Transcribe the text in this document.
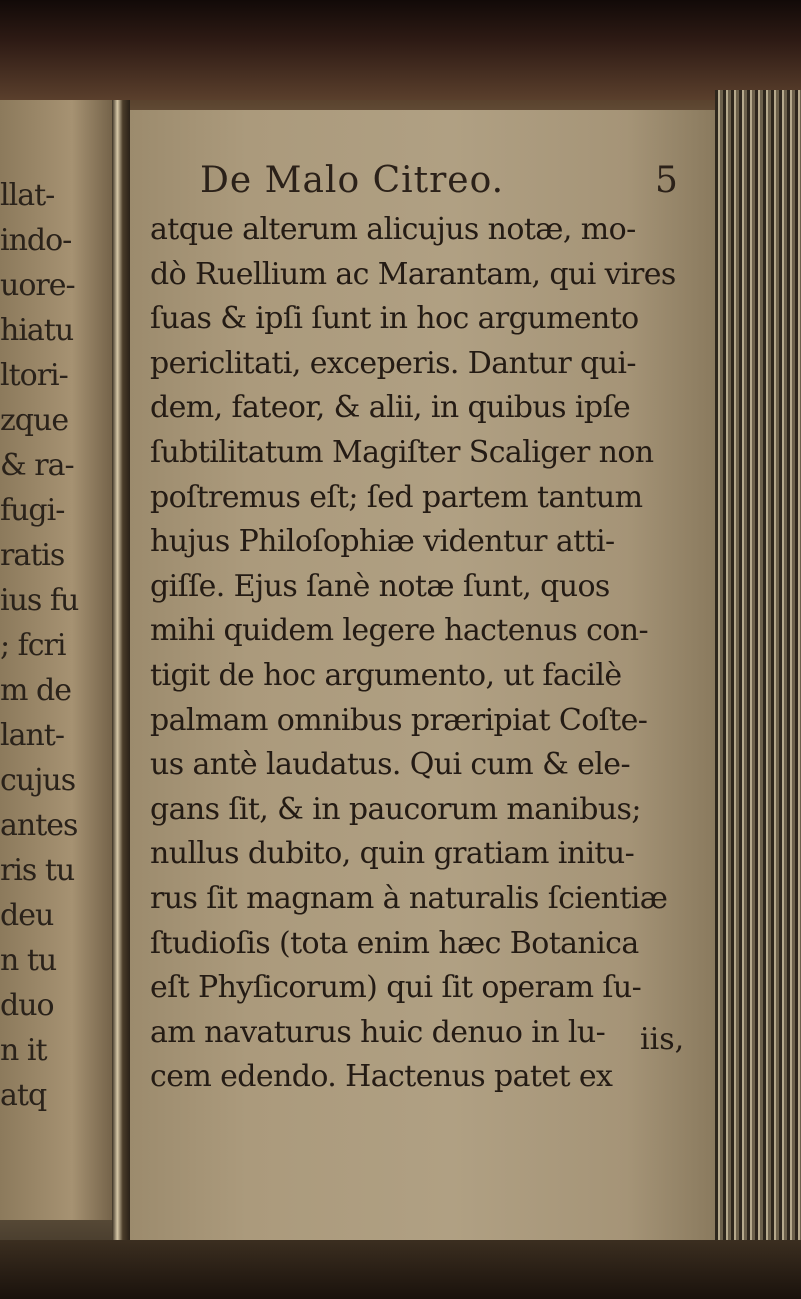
llat-
indo-
uore-
hiatu
ltori-
zque
& ra-
fugi-
ratis
ius fu
; fcri
m de
lant-
cujus
antes
ris tu
deu
n tu
duo
n it
atq
De Malo Citreo.	5
atque alterum alicujus notæ, mo-
dò Ruellium ac Marantam, qui vires
ſuas & ipſi ſunt in hoc argumento
periclitati, exceperis. Dantur qui-
dem, fateor, & alii, in quibus ipſe
ſubtilitatum Magiſter Scaliger non
poſtremus eſt; ſed partem tantum
hujus Philoſophiæ videntur atti-
giſſe. Ejus ſanè notæ ſunt, quos
mihi quidem legere hactenus con-
tigit de hoc argumento, ut facilè
palmam omnibus præripiat Coſte-
us antè laudatus. Qui cum & ele-
gans ſit, & in paucorum manibus;
nullus dubito, quin gratiam initu-
rus ſit magnam à naturalis ſcientiæ
ſtudioſis (tota enim hæc Botanica
eſt Phyſicorum) qui ſit operam ſu-
am navaturus huic denuo in lu-
cem edendo. Hactenus patet ex
iis,
